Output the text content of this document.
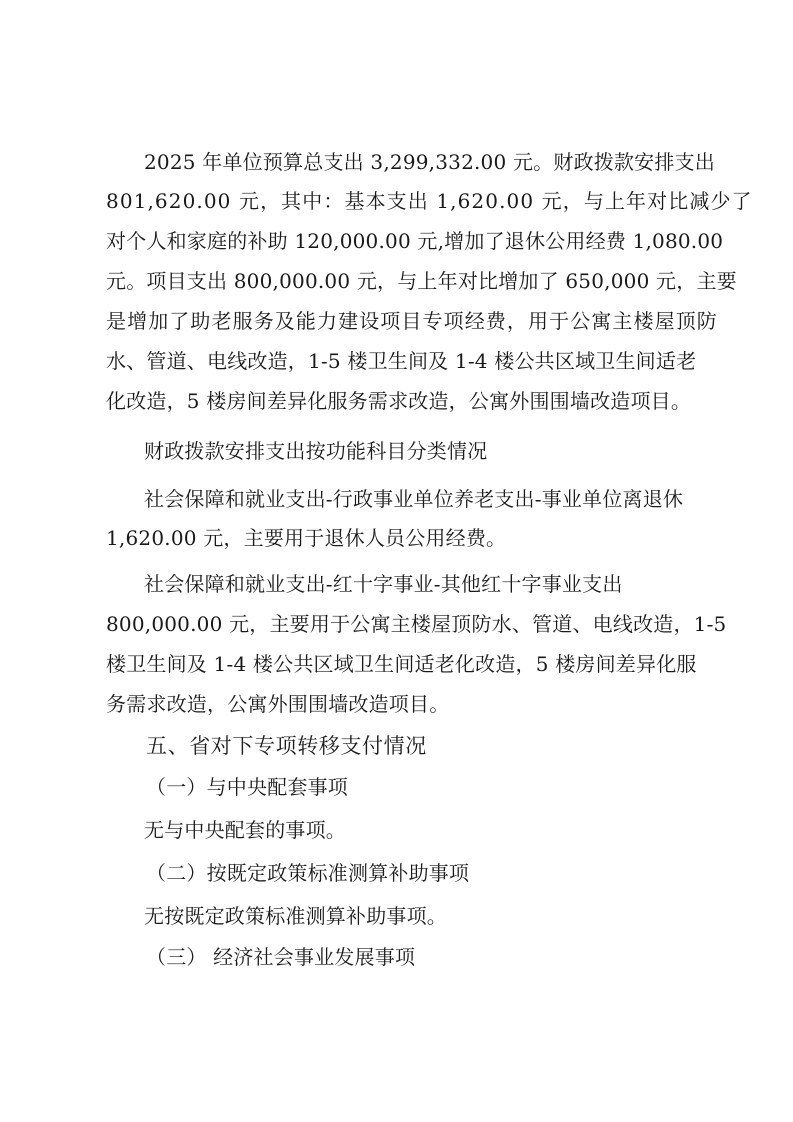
2025 年单位预算总支出 3,299,332.00 元。财政拨款安排支出
801,620.00 元，其中：基本支出 1,620.00 元，与上年对比减少了
对个人和家庭的补助 120,000.00 元,增加了退休公用经费 1,080.00
元。项目支出 800,000.00 元，与上年对比增加了 650,000 元，主要
是增加了助老服务及能力建设项目专项经费，用于公寓主楼屋顶防
水、管道、电线改造，1-5 楼卫生间及 1-4 楼公共区域卫生间适老
化改造，5 楼房间差异化服务需求改造，公寓外围围墙改造项目。
财政拨款安排支出按功能科目分类情况
社会保障和就业支出-行政事业单位养老支出-事业单位离退休
1,620.00 元，主要用于退休人员公用经费。
社会保障和就业支出-红十字事业-其他红十字事业支出
800,000.00 元，主要用于公寓主楼屋顶防水、管道、电线改造，1-5
楼卫生间及 1-4 楼公共区域卫生间适老化改造，5 楼房间差异化服
务需求改造，公寓外围围墙改造项目。
五、省对下专项转移支付情况
（一）与中央配套事项
无与中央配套的事项。
（二）按既定政策标准测算补助事项
无按既定政策标准测算补助事项。
（三） 经济社会事业发展事项
